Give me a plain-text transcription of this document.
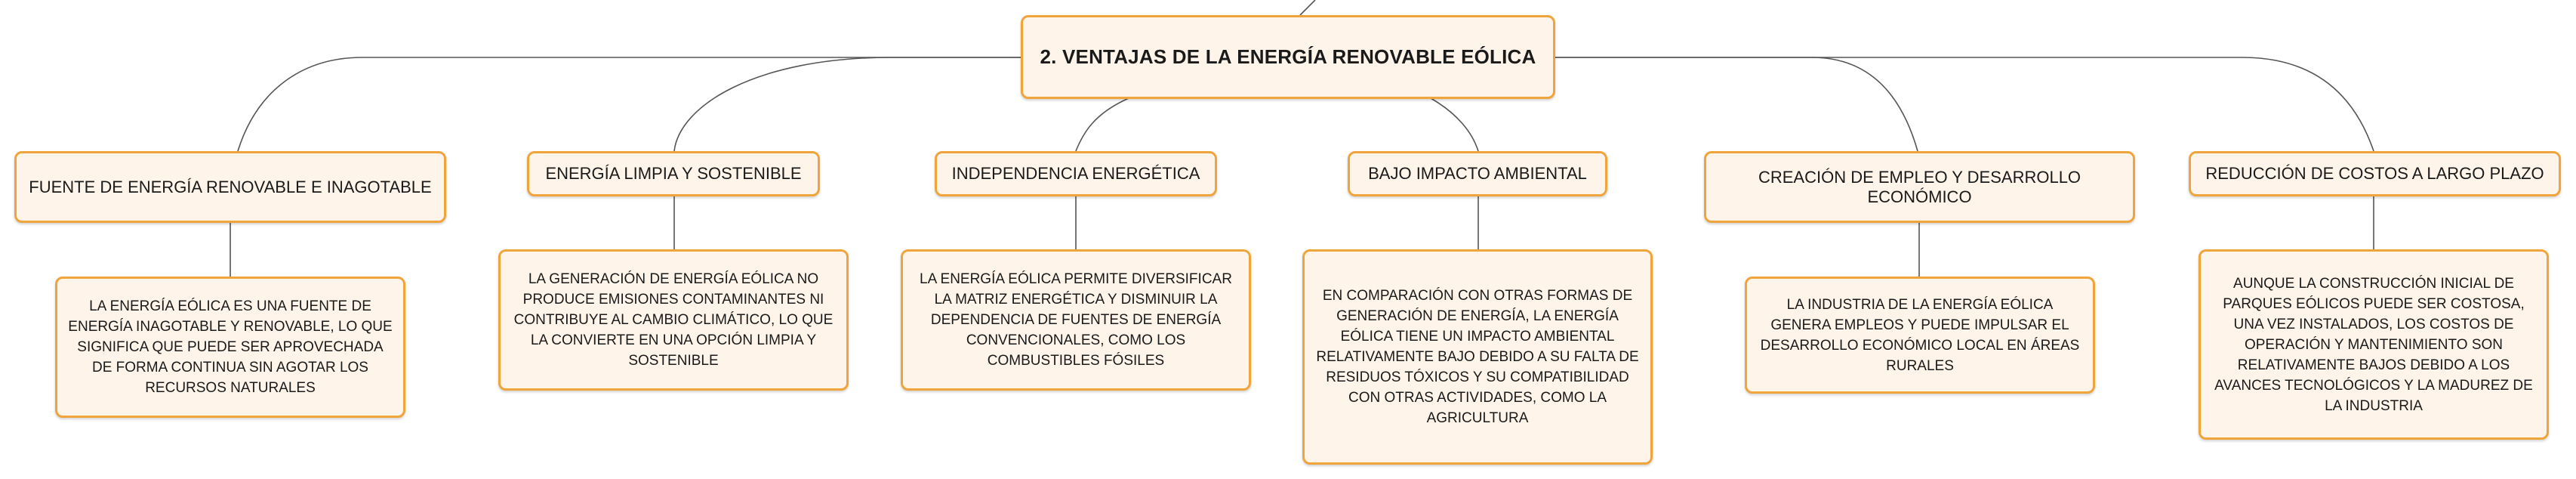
2. VENTAJAS DE LA ENERGÍA RENOVABLE EÓLICA
FUENTE DE ENERGÍA RENOVABLE E INAGOTABLE
ENERGÍA LIMPIA Y SOSTENIBLE	INDEPENDENCIA ENERGÉTICA	BAJO IMPACTO AMBIENTAL	CREACIÓN DE EMPLEO Y DESARROLLO ECONÓMICO
REDUCCIÓN DE COSTOS A LARGO PLAZO
LA ENERGÍA EÓLICA ES UNA FUENTE DE ENERGÍA INAGOTABLE Y RENOVABLE, LO QUE SIGNIFICA QUE PUEDE SER APROVECHADA DE FORMA CONTINUA SIN AGOTAR LOS RECURSOS NATURALES
LA GENERACIÓN DE ENERGÍA EÓLICA NO PRODUCE EMISIONES CONTAMINANTES NI CONTRIBUYE AL CAMBIO CLIMÁTICO, LO QUE LA CONVIERTE EN UNA OPCIÓN LIMPIA Y SOSTENIBLE
LA ENERGÍA EÓLICA PERMITE DIVERSIFICAR LA MATRIZ ENERGÉTICA Y DISMINUIR LA DEPENDENCIA DE FUENTES DE ENERGÍA CONVENCIONALES, COMO LOS COMBUSTIBLES FÓSILES
EN COMPARACIÓN CON OTRAS FORMAS DE GENERACIÓN DE ENERGÍA, LA ENERGÍA EÓLICA TIENE UN IMPACTO AMBIENTAL RELATIVAMENTE BAJO DEBIDO A SU FALTA DE RESIDUOS TÓXICOS Y SU COMPATIBILIDAD CON OTRAS ACTIVIDADES, COMO LA AGRICULTURA
LA INDUSTRIA DE LA ENERGÍA EÓLICA GENERA EMPLEOS Y PUEDE IMPULSAR EL DESARROLLO ECONÓMICO LOCAL EN ÁREAS RURALES
AUNQUE LA CONSTRUCCIÓN INICIAL DE PARQUES EÓLICOS PUEDE SER COSTOSA, UNA VEZ INSTALADOS, LOS COSTOS DE OPERACIÓN Y MANTENIMIENTO SON RELATIVAMENTE BAJOS DEBIDO A LOS AVANCES TECNOLÓGICOS Y LA MADUREZ DE LA INDUSTRIA
